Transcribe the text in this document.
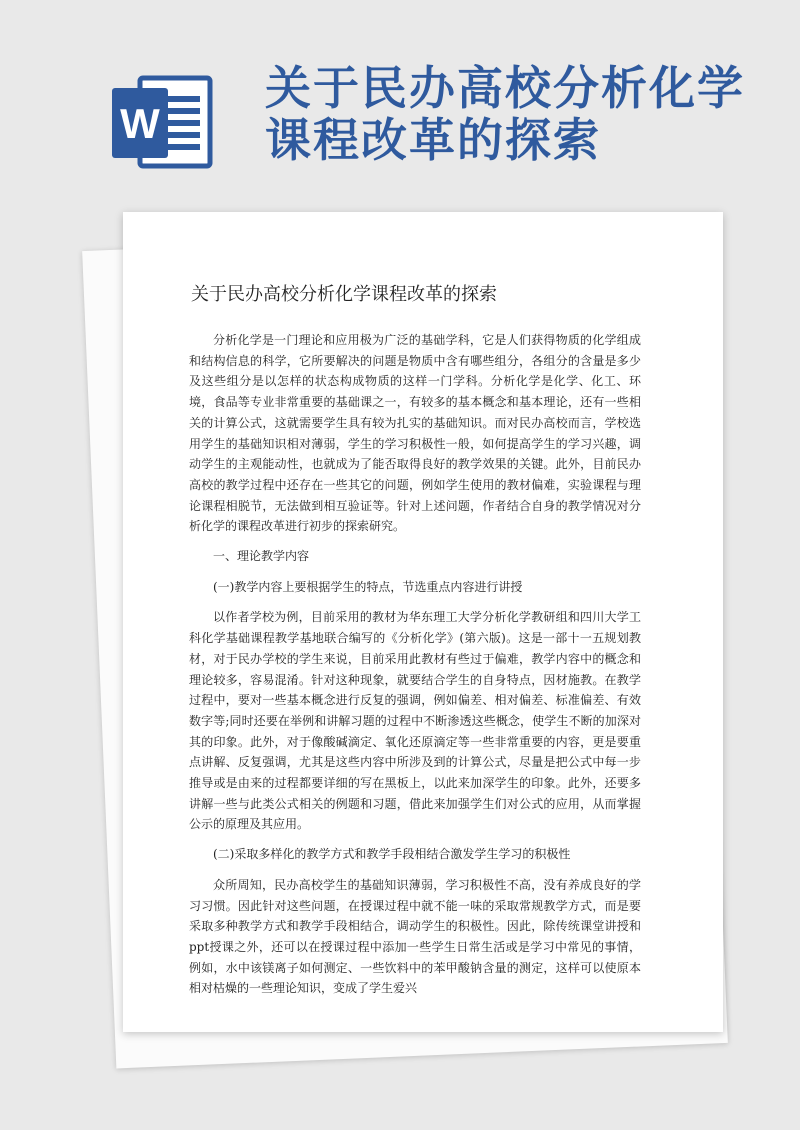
W
关于民办高校分析化学课程改革的探索
关于民办高校分析化学课程改革的探索

分析化学是一门理论和应用极为广泛的基础学科，它是人们获得物质的化学组成和结构信息的科学，它所要解决的问题是物质中含有哪些组分，各组分的含量是多少及这些组分是以怎样的状态构成物质的这样一门学科。分析化学是化学、化工、环境，食品等专业非常重要的基础课之一，有较多的基本概念和基本理论，还有一些相关的计算公式，这就需要学生具有较为扎实的基础知识。而对民办高校而言，学校选用学生的基础知识相对薄弱，学生的学习积极性一般，如何提高学生的学习兴趣，调动学生的主观能动性，也就成为了能否取得良好的教学效果的关键。此外，目前民办高校的教学过程中还存在一些其它的问题，例如学生使用的教材偏难，实验课程与理论课程相脱节，无法做到相互验证等。针对上述问题，作者结合自身的教学情况对分析化学的课程改革进行初步的探索研究。

一、理论教学内容

(一)教学内容上要根据学生的特点，节选重点内容进行讲授

以作者学校为例，目前采用的教材为华东理工大学分析化学教研组和四川大学工科化学基础课程教学基地联合编写的《分析化学》(第六版)。这是一部十一五规划教材，对于民办学校的学生来说，目前采用此教材有些过于偏难，教学内容中的概念和理论较多，容易混淆。针对这种现象，就要结合学生的自身特点，因材施教。在教学过程中，要对一些基本概念进行反复的强调，例如偏差、相对偏差、标准偏差、有效数字等;同时还要在举例和讲解习题的过程中不断渗透这些概念，使学生不断的加深对其的印象。此外，对于像酸碱滴定、氧化还原滴定等一些非常重要的内容，更是要重点讲解、反复强调，尤其是这些内容中所涉及到的计算公式，尽量是把公式中每一步推导或是由来的过程都要详细的写在黑板上，以此来加深学生的印象。此外，还要多讲解一些与此类公式相关的例题和习题，借此来加强学生们对公式的应用，从而掌握公示的原理及其应用。

(二)采取多样化的教学方式和教学手段相结合激发学生学习的积极性

众所周知，民办高校学生的基础知识薄弱，学习积极性不高，没有养成良好的学习习惯。因此针对这些问题，在授课过程中就不能一味的采取常规教学方式，而是要采取多种教学方式和教学手段相结合，调动学生的积极性。因此，除传统课堂讲授和ppt授课之外，还可以在授课过程中添加一些学生日常生活或是学习中常见的事情，例如，水中该镁离子如何测定、一些饮料中的苯甲酸钠含量的测定，这样可以使原本相对枯燥的一些理论知识，变成了学生爱兴
